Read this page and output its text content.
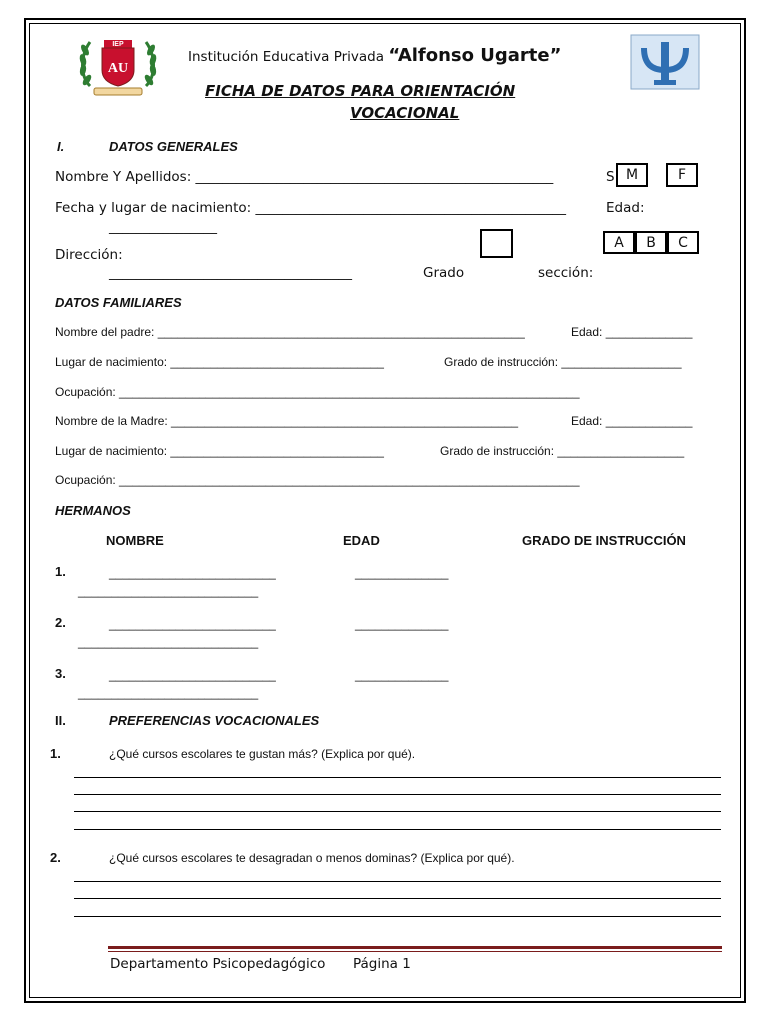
IEP
AU
Institución Educativa Privada “Alfonso Ugarte”
FICHA DE DATOS PARA ORIENTACIÓN
VOCACIONAL
I.	DATOS GENERALES
Nombre Y Apellidos: _____________________________________________________	S M	F
Fecha y lugar de nacimiento: ______________________________________________	Edad:
________________
A	B	C
Dirección:
____________________________________	Grado	sección:
DATOS FAMILIARES
Nombre del padre: _______________________________________________________	Edad: _____________
Lugar de nacimiento: ________________________________	Grado de instrucción: __________________
Ocupación: _____________________________________________________________________
Nombre de la Madre: ____________________________________________________	Edad: _____________
Lugar de nacimiento: ________________________________	Grado de instrucción: ___________________
Ocupación: _____________________________________________________________________
HERMANOS
NOMBRE	EDAD	GRADO DE INSTRUCCIÓN
1.	_________________________	______________
___________________________
2.	_________________________	______________
___________________________
3.	_________________________	______________
___________________________
II.	PREFERENCIAS VOCACIONALES
1.	¿Qué cursos escolares te gustan más? (Explica por qué).
2.	¿Qué cursos escolares te desagradan o menos dominas? (Explica por qué).
Departamento Psicopedagógico Página 1
